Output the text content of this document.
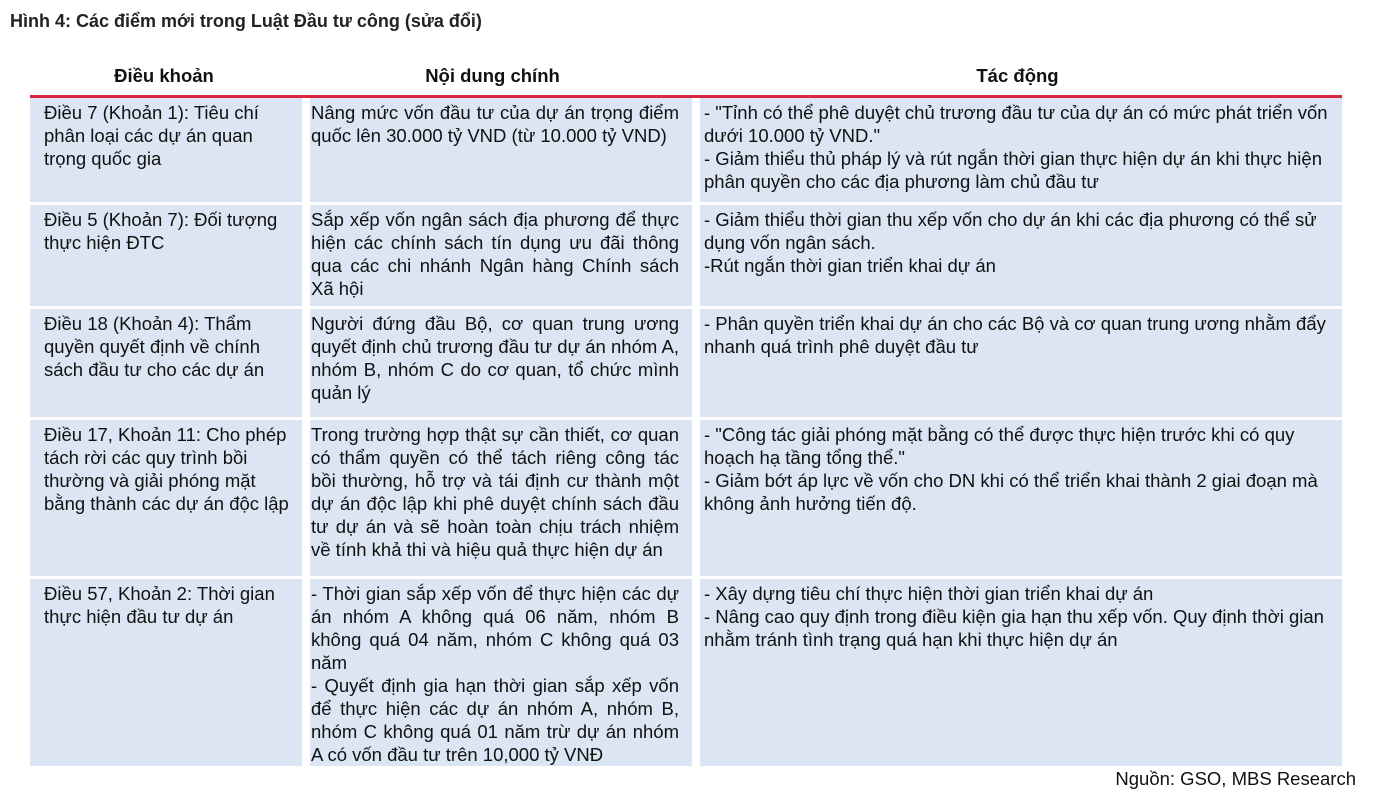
Hình 4: Các điểm mới trong Luật Đầu tư công (sửa đổi)
Điều khoản	Nội dung chính	Tác động
Điều 7 (Khoản 1): Tiêu chí phân loại các dự án quan trọng quốc gia
Nâng mức vốn đầu tư của dự án trọng điểm quốc lên 30.000 tỷ VND (từ 10.000 tỷ VND)
- "Tỉnh có thể phê duyệt chủ trương đầu tư của dự án có mức phát triển vốn dưới 10.000 tỷ VND."
- Giảm thiểu thủ pháp lý và rút ngắn thời gian thực hiện dự án khi thực hiện phân quyền cho các địa phương làm chủ đầu tư
Điều 5 (Khoản 7): Đối tượng thực hiện ĐTC
Sắp xếp vốn ngân sách địa phương để thực hiện các chính sách tín dụng ưu đãi thông qua các chi nhánh Ngân hàng Chính sách Xã hội
- Giảm thiểu thời gian thu xếp vốn cho dự án khi các địa phương có thể sử dụng vốn ngân sách.
-Rút ngắn thời gian triển khai dự án
Điều 18 (Khoản 4): Thẩm quyền quyết định về chính sách đầu tư cho các dự án
Người đứng đầu Bộ, cơ quan trung ương quyết định chủ trương đầu tư dự án nhóm A, nhóm B, nhóm C do cơ quan, tổ chức mình quản lý
- Phân quyền triển khai dự án cho các Bộ và cơ quan trung ương nhằm đẩy nhanh quá trình phê duyệt đầu tư
Điều 17, Khoản 11: Cho phép tách rời các quy trình bồi thường và giải phóng mặt bằng thành các dự án độc lập
Trong trường hợp thật sự cần thiết, cơ quan có thẩm quyền có thể tách riêng công tác bồi thường, hỗ trợ và tái định cư thành một dự án độc lập khi phê duyệt chính sách đầu tư dự án và sẽ hoàn toàn chịu trách nhiệm về tính khả thi và hiệu quả thực hiện dự án
- "Công tác giải phóng mặt bằng có thể được thực hiện trước khi có quy hoạch hạ tầng tổng thể."
- Giảm bớt áp lực về vốn cho DN khi có thể triển khai thành 2 giai đoạn mà không ảnh hưởng tiến độ.
Điều 57, Khoản 2: Thời gian thực hiện đầu tư dự án
- Thời gian sắp xếp vốn để thực hiện các dự án nhóm A không quá 06 năm, nhóm B không quá 04 năm, nhóm C không quá 03 năm
- Quyết định gia hạn thời gian sắp xếp vốn để thực hiện các dự án nhóm A, nhóm B, nhóm C không quá 01 năm trừ dự án nhóm A có vốn đầu tư trên 10,000 tỷ VNĐ
- Xây dựng tiêu chí thực hiện thời gian triển khai dự án
- Nâng cao quy định trong điều kiện gia hạn thu xếp vốn. Quy định thời gian nhằm tránh tình trạng quá hạn khi thực hiện dự án
Nguồn: GSO, MBS Research
